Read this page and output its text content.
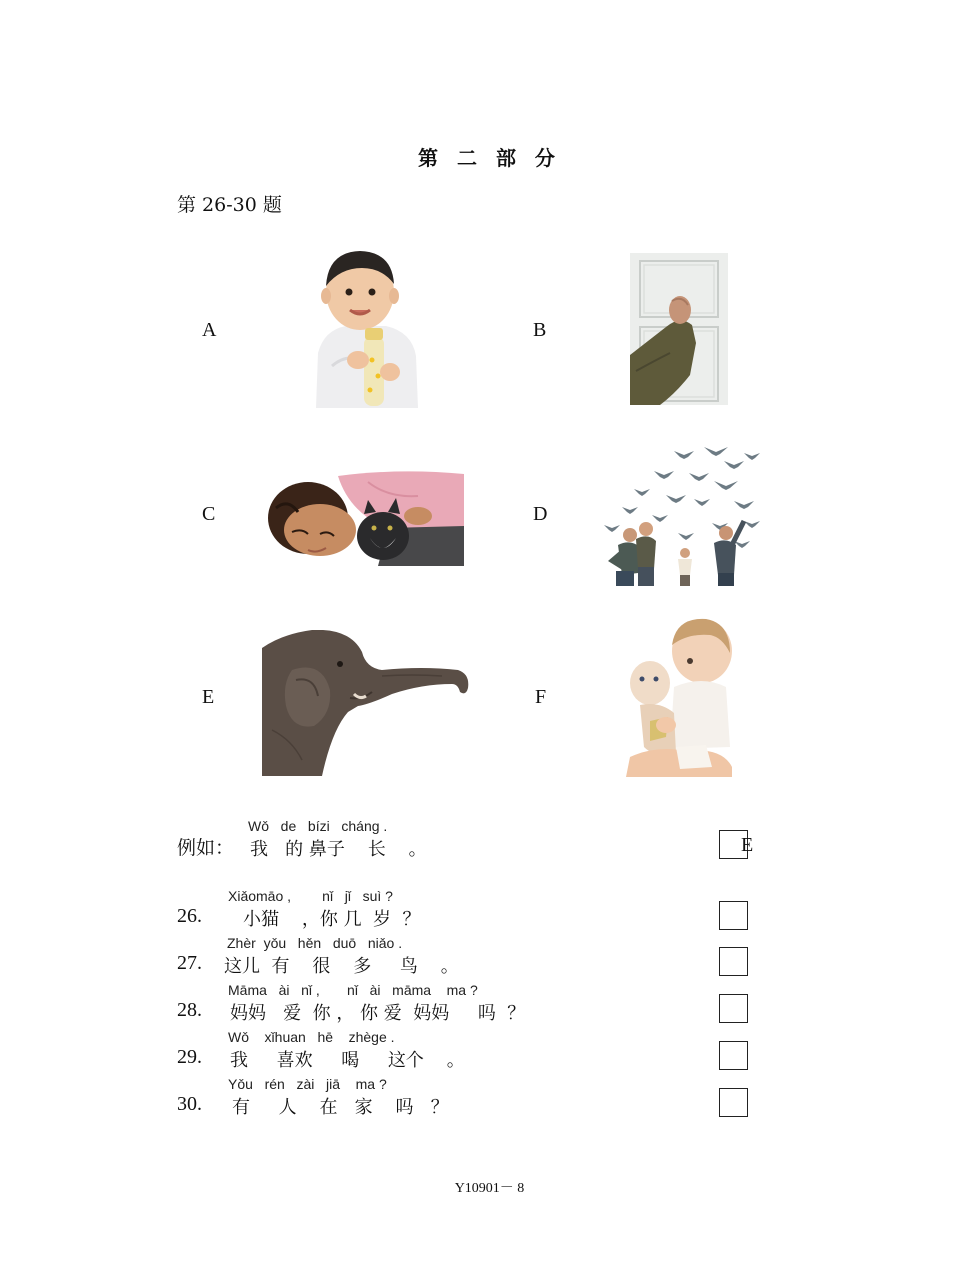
第 二 部 分
第 26-30 题
A	B
C	D
E	F
例如：
Wǒ   de   bízi   cháng .
我   的 鼻子    长    。	E
Xiǎomāo ,        nǐ   jǐ   suì ?
26. 小猫    ，你 几  岁  ？
Zhèr  yǒu   hěn   duō   niǎo .
27. 这儿  有    很    多     鸟    。
Māma   ài   nǐ ,       nǐ   ài   māma    ma ?
28. 妈妈   爱  你 ， 你 爱  妈妈     吗  ？
Wǒ    xǐhuan   hē    zhège .
29. 我     喜欢     喝     这个    。
Yǒu   rén   zài   jiā    ma ?
30. 有     人    在   家    吗   ？
Y10901－ 8
